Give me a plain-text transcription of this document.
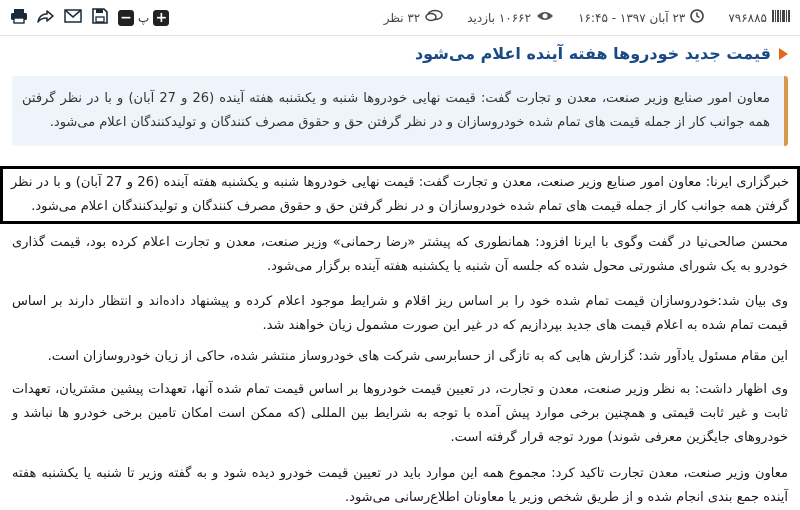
۷۹۶۸۸۵
۲۳ آبان ۱۳۹۷ - ۱۶:۴۵
۱۰۶۶۲ بازدید
۳۲ نظر
+
پ
−
قیمت جدید خودروها هفته آینده اعلام می‌شود
معاون امور صنایع وزیر صنعت، معدن و تجارت گفت: قیمت نهایی خودروها شنبه و یکشنبه هفته آینده (26 و 27 آبان) و با در نظر گرفتن همه جوانب کار از جمله قیمت های تمام شده خودروسازان و در نظر گرفتن حق و حقوق مصرف کنندگان و تولیدکنندگان اعلام می‌شود.
خبرگزاری ایرنا: معاون امور صنایع وزیر صنعت، معدن و تجارت گفت: قیمت نهایی خودروها شنبه و یکشنبه هفته آینده (26 و 27 آبان) و با در نظر گرفتن همه جوانب کار از جمله قیمت های تمام شده خودروسازان و در نظر گرفتن حق و حقوق مصرف کنندگان و تولیدکنندگان اعلام می‌شود.

محسن صالحی‌نیا در گفت وگوی با ایرنا افزود: همانطوری که پیشتر «رضا رحمانی» وزیر صنعت، معدن و تجارت اعلام کرده بود، قیمت گذاری خودرو به یک شورای مشورتی محول شده که جلسه آن شنبه یا یکشنبه هفته آینده برگزار می‌شود.

وی بیان شد:خودروسازان قیمت تمام شده خود را بر اساس ریز اقلام و شرایط موجود اعلام کرده و پیشنهاد داده‌اند و انتظار دارند بر اساس قیمت تمام شده به اعلام قیمت های جدید بپردازیم که در غیر این صورت مشمول زیان خواهند شد.

این مقام مسئول یادآور شد: گزارش هایی که به تازگی از حسابرسی شرکت های خودروساز منتشر شده، حاکی از زیان خودروسازان است.

وی اظهار داشت: به نظر وزیر صنعت، معدن و تجارت، در تعیین قیمت خودروها بر اساس قیمت تمام شده آنها، تعهدات پیشین مشتریان، تعهدات ثابت و غیر ثابت قیمتی و همچنین برخی موارد پیش آمده با توجه به شرایط بین المللی (که ممکن است امکان تامین برخی خودرو ها نباشد و خودروهای جایگزین معرفی شوند) مورد توجه قرار گرفته است.

معاون وزیر صنعت، معدن تجارت تاکید کرد: مجموع همه این موارد باید در تعیین قیمت خودرو دیده شود و به گفته وزیر تا شنبه یا یکشنبه هفته آینده جمع بندی انجام شده و از طریق شخص وزیر یا معاونان اطلاع‌رسانی می‌شود.
